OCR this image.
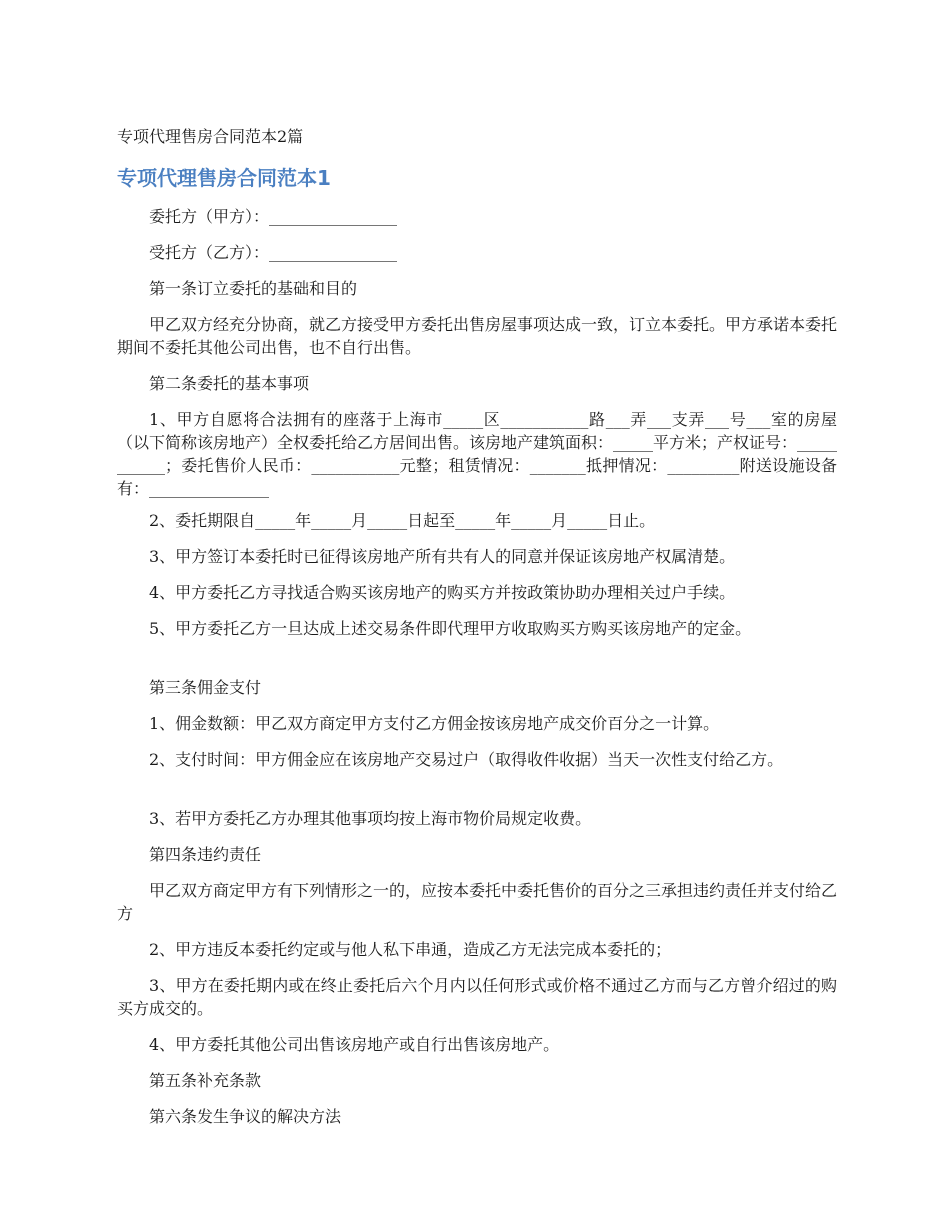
专项代理售房合同范本2篇
专项代理售房合同范本1
委托方（甲方）：________________
受托方（乙方）：________________
第一条订立委托的基础和目的
甲乙双方经充分协商，就乙方接受甲方委托出售房屋事项达成一致，订立本委托。甲方承诺本委托期间不委托其他公司出售，也不自行出售。
第二条委托的基本事项
1、甲方自愿将合法拥有的座落于上海市_____区___________路___弄___支弄___号___室的房屋（以下简称该房地产）全权委托给乙方居间出售。该房地产建筑面积：_____平方米；产权证号：___________；委托售价人民币：___________元整；租赁情况：_______抵押情况：_________附送设施设备有：_______________
2、委托期限自_____年_____月_____日起至_____年_____月_____日止。
3、甲方签订本委托时已征得该房地产所有共有人的同意并保证该房地产权属清楚。
4、甲方委托乙方寻找适合购买该房地产的购买方并按政策协助办理相关过户手续。
5、甲方委托乙方一旦达成上述交易条件即代理甲方收取购买方购买该房地产的定金。
第三条佣金支付
1、佣金数额：甲乙双方商定甲方支付乙方佣金按该房地产成交价百分之一计算。
2、支付时间：甲方佣金应在该房地产交易过户（取得收件收据）当天一次性支付给乙方。
3、若甲方委托乙方办理其他事项均按上海市物价局规定收费。
第四条违约责任
甲乙双方商定甲方有下列情形之一的，应按本委托中委托售价的百分之三承担违约责任并支付给乙方
2、甲方违反本委托约定或与他人私下串通，造成乙方无法完成本委托的；
3、甲方在委托期内或在终止委托后六个月内以任何形式或价格不通过乙方而与乙方曾介绍过的购买方成交的。
4、甲方委托其他公司出售该房地产或自行出售该房地产。
第五条补充条款
第六条发生争议的解决方法
